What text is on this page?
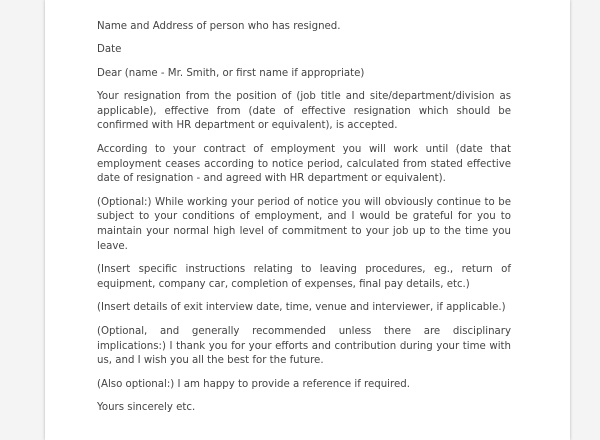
Name and Address of person who has resigned.

Date

Dear (name - Mr. Smith, or first name if appropriate)

Your resignation from the position of (job title and site/department/division as applicable), effective from (date of effective resignation which should be confirmed with HR department or equivalent), is accepted.

According to your contract of employment you will work until (date that employment ceases according to notice period, calculated from stated effective date of resignation - and agreed with HR department or equivalent).

(Optional:) While working your period of notice you will obviously continue to be subject to your conditions of employment, and I would be grateful for you to maintain your normal high level of commitment to your job up to the time you leave.

(Insert specific instructions relating to leaving procedures, eg., return of equipment, company car, completion of expenses, final pay details, etc.)

(Insert details of exit interview date, time, venue and interviewer, if applicable.)

(Optional, and generally recommended unless there are disciplinary implications:) I thank you for your efforts and contribution during your time with us, and I wish you all the best for the future.

(Also optional:) I am happy to provide a reference if required.

Yours sincerely etc.
